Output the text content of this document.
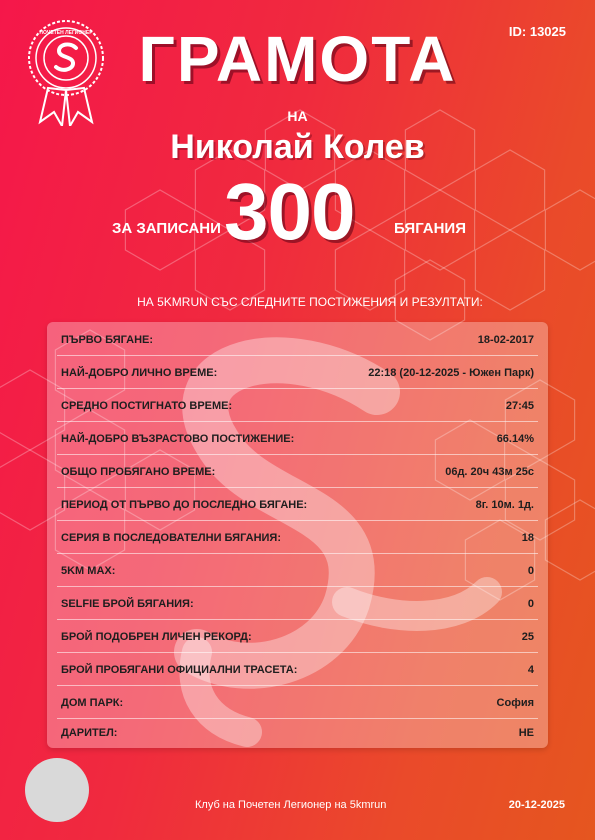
ПОЧЕТЕН ЛЕГИОНЕР	ID: 13025
ГРАМОТА
НА
Николай Колев
ЗА ЗАПИСАНИ 300	БЯГАНИЯ
НА 5KMRUN СЪС СЛЕДНИТЕ ПОСТИЖЕНИЯ И РЕЗУЛТАТИ:
ПЪРВО БЯГАНЕ:	18-02-2017
НАЙ-ДОБРО ЛИЧНО ВРЕМЕ:	22:18 (20-12-2025 - Южен Парк)
СРЕДНО ПОСТИГНАТО ВРЕМЕ:	27:45
НАЙ-ДОБРО ВЪЗРАСТОВО ПОСТИЖЕНИЕ:	66.14%
ОБЩО ПРОБЯГАНО ВРЕМЕ:	06д. 20ч 43м 25с
ПЕРИОД ОТ ПЪРВО ДО ПОСЛЕДНО БЯГАНЕ:	8г. 10м. 1д.
СЕРИЯ В ПОСЛЕДОВАТЕЛНИ БЯГАНИЯ:	18
5KM MAX:	0
SELFIE БРОЙ БЯГАНИЯ:	0
БРОЙ ПОДОБРЕН ЛИЧЕН РЕКОРД:	25
БРОЙ ПРОБЯГАНИ ОФИЦИАЛНИ ТРАСЕТА:	4
ДОМ ПАРК:	София
ДАРИТЕЛ:	НЕ
Клуб на Почетен Легионер на 5kmrun	20-12-2025
